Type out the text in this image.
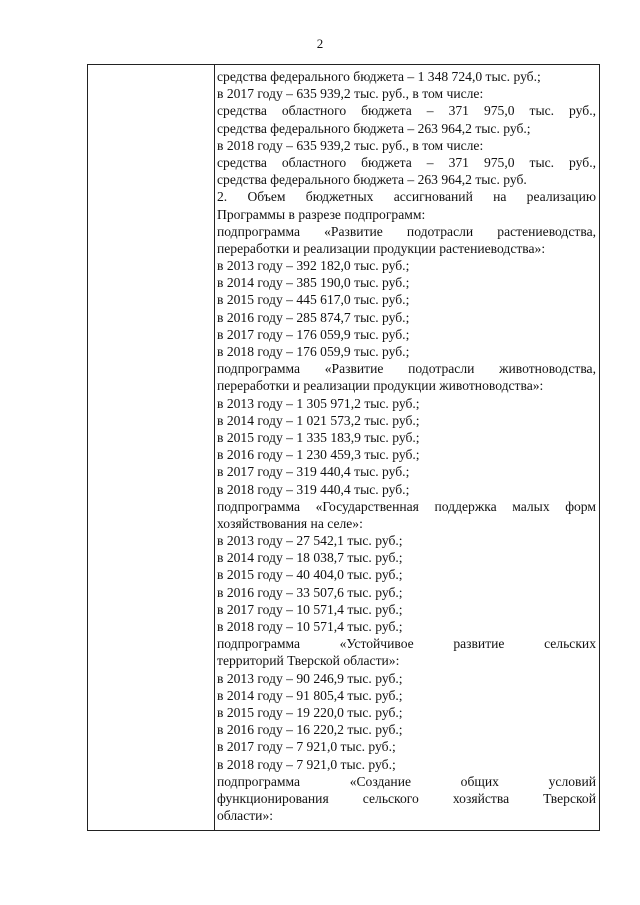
2
средства федерального бюджета – 1 348 724,0 тыс. руб.;
в 2017 году – 635 939,2 тыс. руб., в том числе:
средства областного бюджета – 371 975,0 тыс. руб.,
средства федерального бюджета – 263 964,2 тыс. руб.;
в 2018 году – 635 939,2 тыс. руб., в том числе:
средства областного бюджета – 371 975,0 тыс. руб.,
средства федерального бюджета – 263 964,2 тыс. руб.
2. Объем бюджетных ассигнований на реализацию
Программы в разрезе подпрограмм:
подпрограмма «Развитие подотрасли растениеводства,
переработки и реализации продукции растениеводства»:
в 2013 году – 392 182,0 тыс. руб.;
в 2014 году – 385 190,0 тыс. руб.;
в 2015 году – 445 617,0 тыс. руб.;
в 2016 году – 285 874,7 тыс. руб.;
в 2017 году – 176 059,9 тыс. руб.;
в 2018 году – 176 059,9 тыс. руб.;
подпрограмма «Развитие подотрасли животноводства,
переработки и реализации продукции животноводства»:
в 2013 году – 1 305 971,2 тыс. руб.;
в 2014 году – 1 021 573,2 тыс. руб.;
в 2015 году – 1 335 183,9 тыс. руб.;
в 2016 году – 1 230 459,3 тыс. руб.;
в 2017 году – 319 440,4 тыс. руб.;
в 2018 году – 319 440,4 тыс. руб.;
подпрограмма «Государственная поддержка малых форм
хозяйствования на селе»:
в 2013 году – 27 542,1 тыс. руб.;
в 2014 году – 18 038,7 тыс. руб.;
в 2015 году – 40 404,0 тыс. руб.;
в 2016 году – 33 507,6 тыс. руб.;
в 2017 году – 10 571,4 тыс. руб.;
в 2018 году – 10 571,4 тыс. руб.;
подпрограмма «Устойчивое развитие сельских
территорий Тверской области»:
в 2013 году – 90 246,9 тыс. руб.;
в 2014 году – 91 805,4 тыс. руб.;
в 2015 году – 19 220,0 тыс. руб.;
в 2016 году – 16 220,2 тыс. руб.;
в 2017 году – 7 921,0 тыс. руб.;
в 2018 году – 7 921,0 тыс. руб.;
подпрограмма «Создание общих условий
функционирования сельского хозяйства Тверской
области»:
